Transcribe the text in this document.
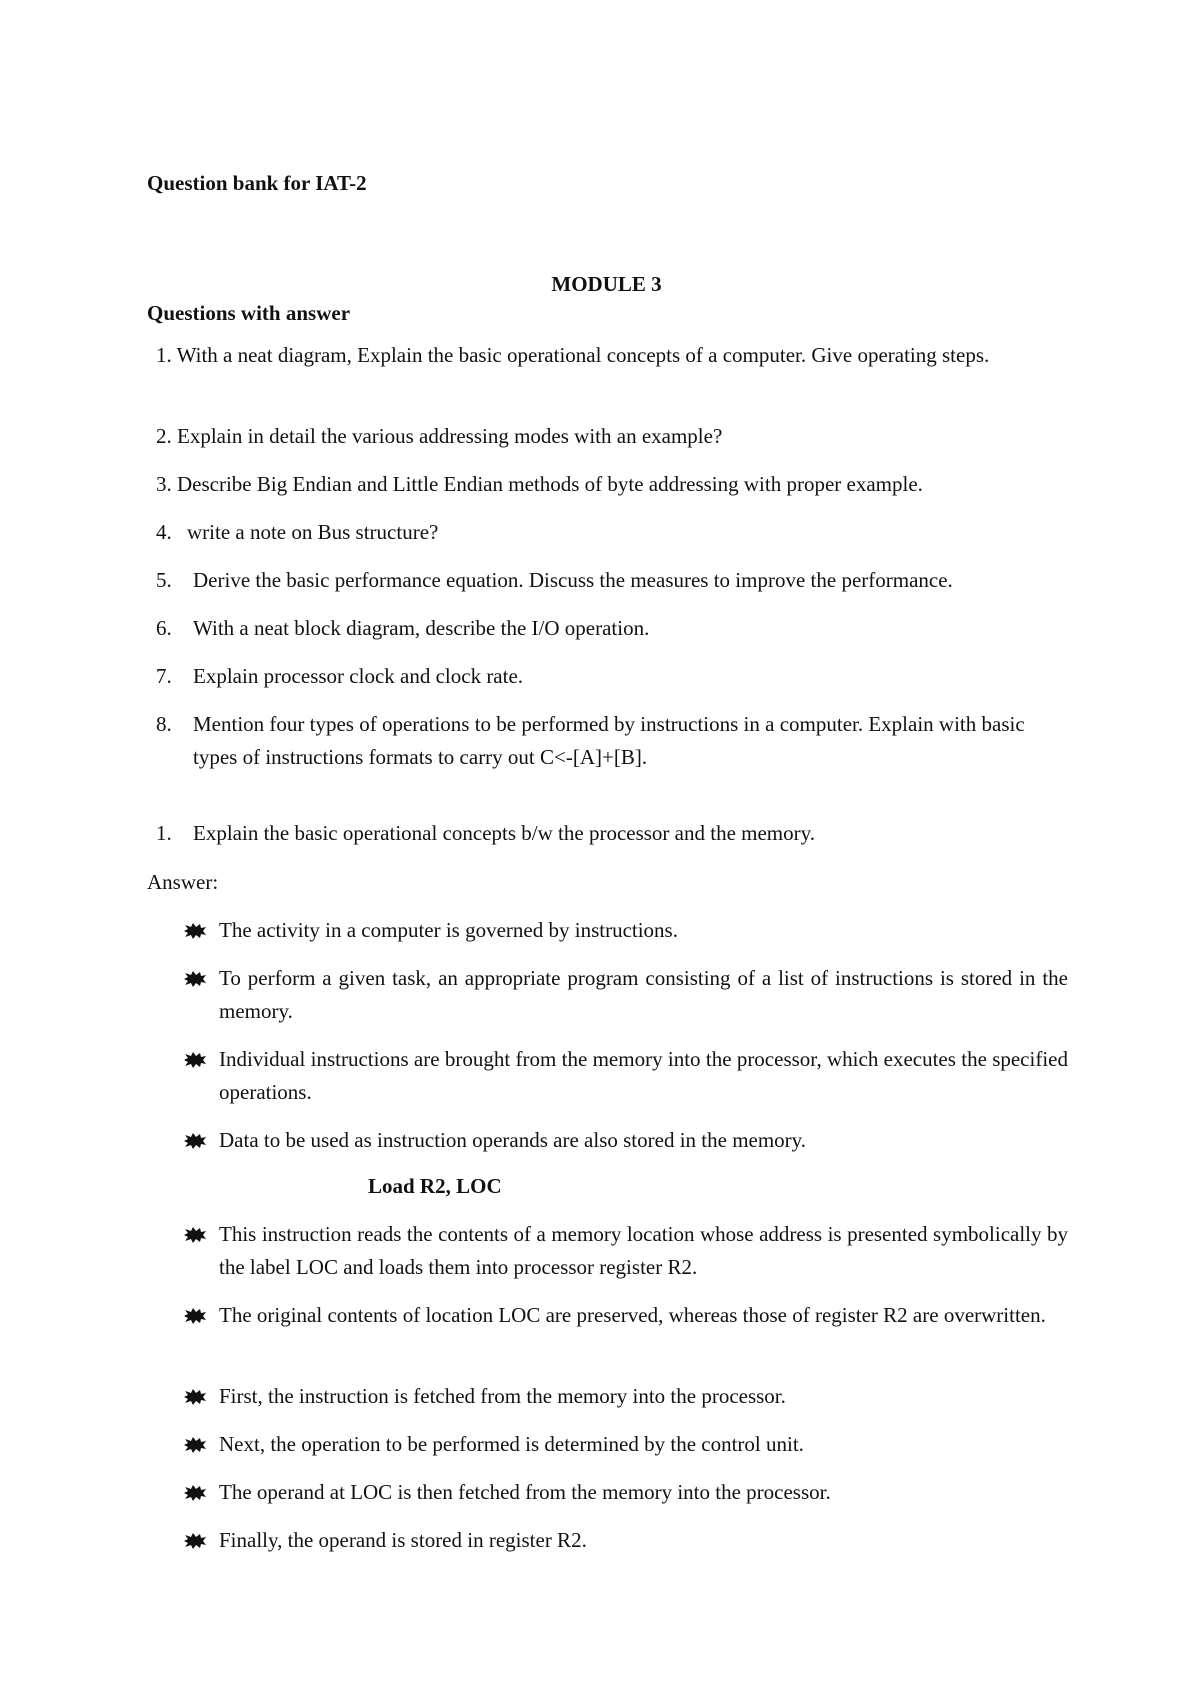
Question bank for IAT-2
MODULE 3
Questions with answer
1. With a neat diagram, Explain the basic operational concepts of a computer. Give operating steps.
2. Explain in detail the various addressing modes with an example?
3. Describe Big Endian and Little Endian methods of byte addressing with proper example.
4. write a note on Bus structure?
5.	Derive the basic performance equation. Discuss the measures to improve the performance.
6.	With a neat block diagram, describe the I/O operation.
7.	Explain processor clock and clock rate.
8.	Mention four types of operations to be performed by instructions in a computer. Explain with basic types of instructions formats to carry out C<-[A]+[B].
1.	Explain the basic operational concepts b/w the processor and the memory.
Answer:
The activity in a computer is governed by instructions.
To perform a given task, an appropriate program consisting of a list of instructions is stored in the memory.
Individual instructions are brought from the memory into the processor, which executes the specified operations.
Data to be used as instruction operands are also stored in the memory.
Load R2, LOC
This instruction reads the contents of a memory location whose address is presented symbolically by the label LOC and loads them into processor register R2.
The original contents of location LOC are preserved, whereas those of register R2 are overwritten.
First, the instruction is fetched from the memory into the processor.
Next, the operation to be performed is determined by the control unit.
The operand at LOC is then fetched from the memory into the processor.
Finally, the operand is stored in register R2.
